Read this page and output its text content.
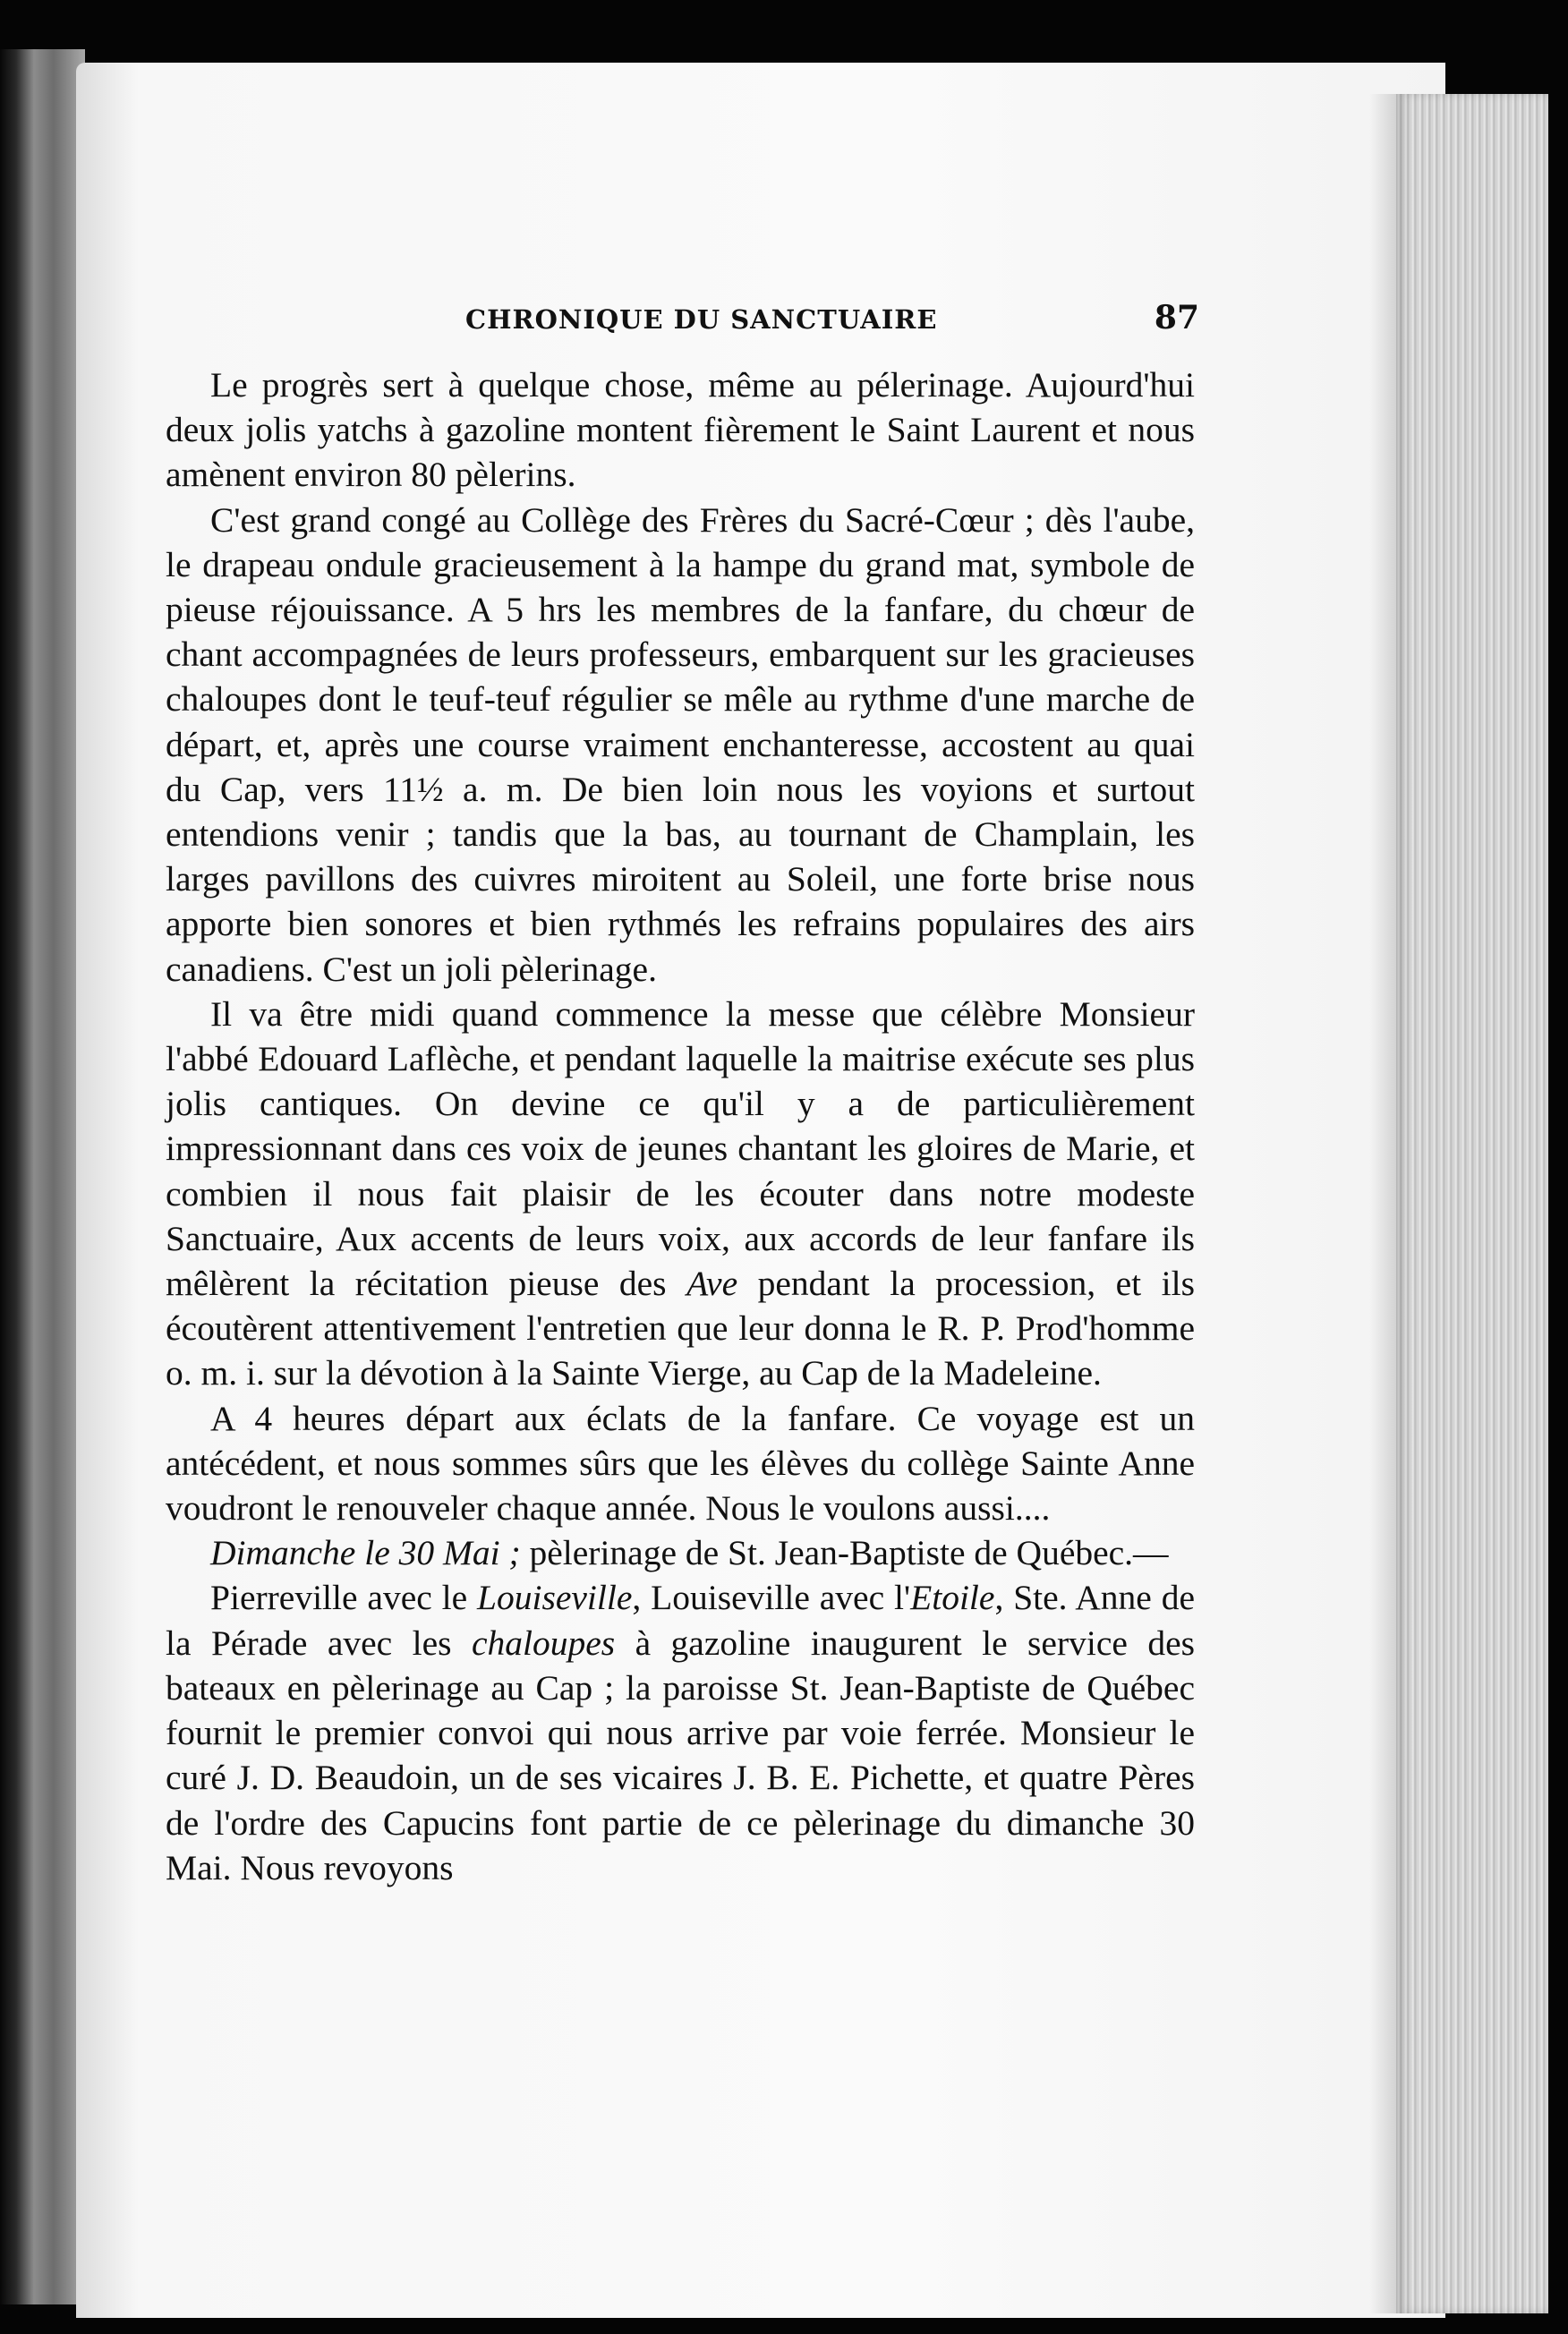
CHRONIQUE DU SANCTUAIRE	87

Le progrès sert à quelque chose, même au pélerinage. Aujourd'hui deux jolis yatchs à gazoline montent fièrement le Saint Laurent et nous amènent environ 80 pèlerins.

C'est grand congé au Collège des Frères du Sacré-Cœur ; dès l'aube, le drapeau ondule gracieusement à la hampe du grand mat, symbole de pieuse réjouissance. A 5 hrs les membres de la fanfare, du chœur de chant accompagnées de leurs professeurs, embarquent sur les gracieuses chaloupes dont le teuf-teuf régulier se mêle au rythme d'une marche de départ, et, après une course vraiment enchanteresse, accostent au quai du Cap, vers 11½ a. m. De bien loin nous les voyions et surtout entendions venir ; tandis que la bas, au tournant de Champlain, les larges pavillons des cuivres miroitent au Soleil, une forte brise nous apporte bien sonores et bien rythmés les refrains populaires des airs canadiens. C'est un joli pèlerinage.

Il va être midi quand commence la messe que célèbre Monsieur l'abbé Edouard Laflèche, et pendant laquelle la maitrise exécute ses plus jolis cantiques. On devine ce qu'il y a de particulièrement impressionnant dans ces voix de jeunes chantant les gloires de Marie, et combien il nous fait plaisir de les écouter dans notre modeste Sanctuaire, Aux accents de leurs voix, aux accords de leur fanfare ils mêlèrent la récitation pieuse des Ave pendant la procession, et ils écoutèrent attentivement l'entretien que leur donna le R. P. Prod'homme o. m. i. sur la dévotion à la Sainte Vierge, au Cap de la Madeleine.

A 4 heures départ aux éclats de la fanfare. Ce voyage est un antécédent, et nous sommes sûrs que les élèves du collège Sainte Anne voudront le renouveler chaque année. Nous le voulons aussi....

Dimanche le 30 Mai ; pèlerinage de St. Jean-Baptiste de Québec.—

Pierreville avec le Louiseville, Louiseville avec l'Etoile, Ste. Anne de la Pérade avec les chaloupes à gazoline inaugurent le service des bateaux en pèlerinage au Cap ; la paroisse St. Jean-Baptiste de Québec fournit le premier convoi qui nous arrive par voie ferrée. Monsieur le curé J. D. Beaudoin, un de ses vicaires J. B. E. Pichette, et quatre Pères de l'ordre des Capucins font partie de ce pèlerinage du dimanche 30 Mai. Nous revoyons
